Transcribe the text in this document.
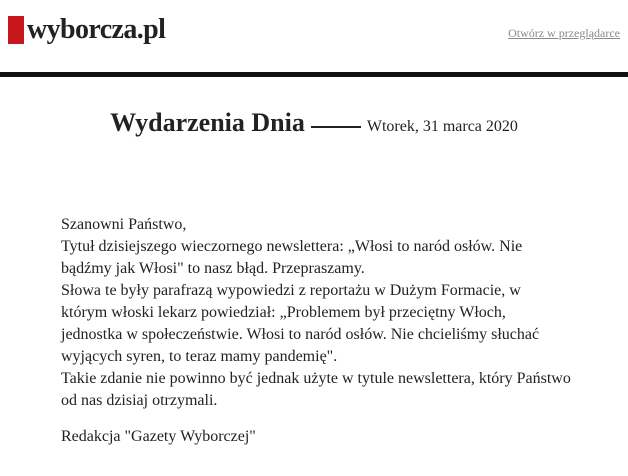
wyborcza.pl	Otwórz w przeglądarce
Wydarzenia Dnia	Wtorek, 31 marca 2020

Szanowni Państwo,

Tytuł dzisiejszego wieczornego newslettera: „Włosi to naród osłów. Nie bądźmy jak Włosi" to nasz błąd. Przepraszamy.

Słowa te były parafrazą wypowiedzi z reportażu w Dużym Formacie, w którym włoski lekarz powiedział: „Problemem był przeciętny Włoch, jednostka w społeczeństwie. Włosi to naród osłów. Nie chcieliśmy słuchać wyjących syren, to teraz mamy pandemię".

Takie zdanie nie powinno być jednak użyte w tytule newslettera, który Państwo od nas dzisiaj otrzymali.

Redakcja "Gazety Wyborczej"
